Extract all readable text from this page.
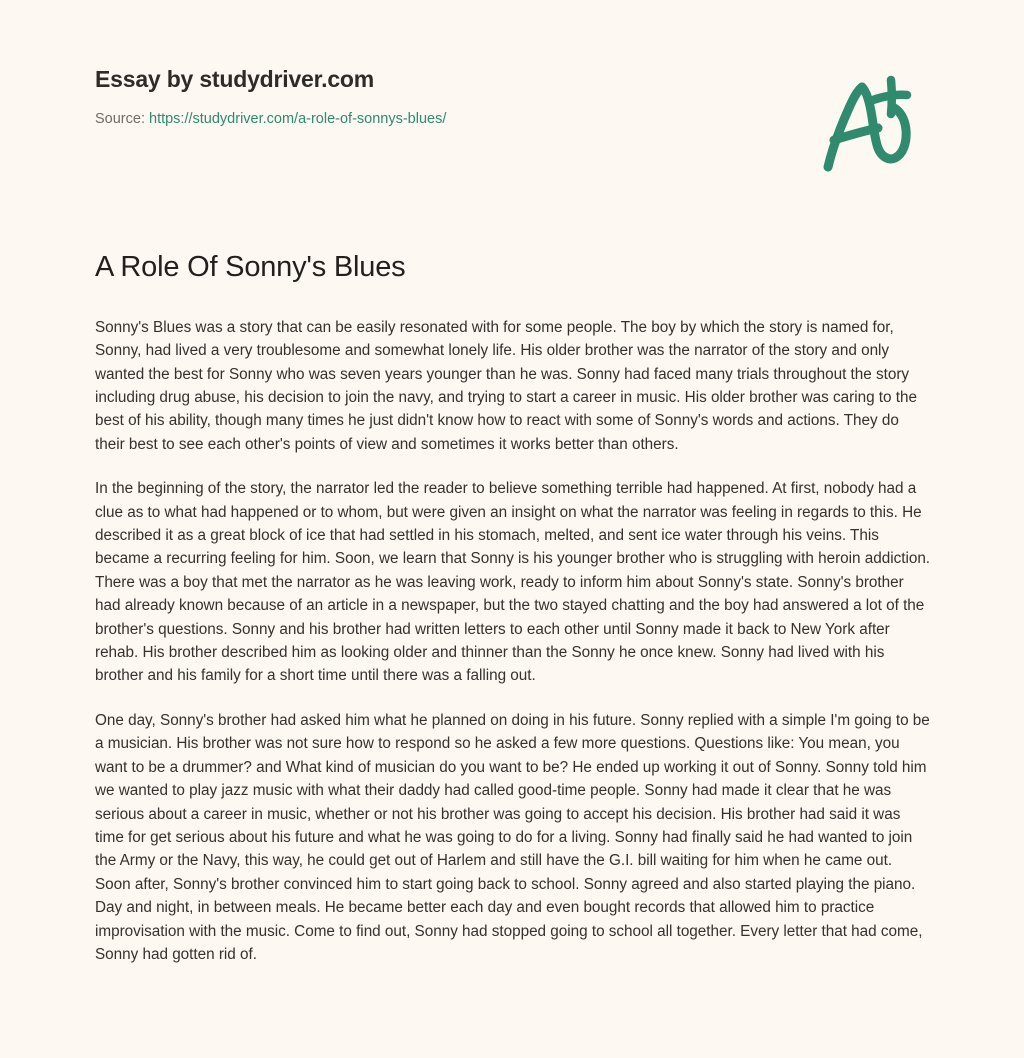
Essay by studydriver.com
Source: https://studydriver.com/a-role-of-sonnys-blues/
A Role Of Sonny's Blues

Sonny's Blues was a story that can be easily resonated with for some people. The boy by which the story is named for, Sonny, had lived a very troublesome and somewhat lonely life. His older brother was the narrator of the story and only wanted the best for Sonny who was seven years younger than he was. Sonny had faced many trials throughout the story including drug abuse, his decision to join the navy, and trying to start a career in music. His older brother was caring to the best of his ability, though many times he just didn't know how to react with some of Sonny's words and actions. They do their best to see each other's points of view and sometimes it works better than others.

In the beginning of the story, the narrator led the reader to believe something terrible had happened. At first, nobody had a clue as to what had happened or to whom, but were given an insight on what the narrator was feeling in regards to this. He described it as a great block of ice that had settled in his stomach, melted, and sent ice water through his veins. This became a recurring feeling for him. Soon, we learn that Sonny is his younger brother who is struggling with heroin addiction. There was a boy that met the narrator as he was leaving work, ready to inform him about Sonny's state. Sonny's brother had already known because of an article in a newspaper, but the two stayed chatting and the boy had answered a lot of the brother's questions. Sonny and his brother had written letters to each other until Sonny made it back to New York after rehab. His brother described him as looking older and thinner than the Sonny he once knew. Sonny had lived with his brother and his family for a short time until there was a falling out.

One day, Sonny's brother had asked him what he planned on doing in his future. Sonny replied with a simple I'm going to be a musician. His brother was not sure how to respond so he asked a few more questions. Questions like: You mean, you want to be a drummer? and What kind of musician do you want to be? He ended up working it out of Sonny. Sonny told him we wanted to play jazz music with what their daddy had called good-time people. Sonny had made it clear that he was serious about a career in music, whether or not his brother was going to accept his decision. His brother had said it was time for get serious about his future and what he was going to do for a living. Sonny had finally said he had wanted to join the Army or the Navy, this way, he could get out of Harlem and still have the G.I. bill waiting for him when he came out. Soon after, Sonny's brother convinced him to start going back to school. Sonny agreed and also started playing the piano. Day and night, in between meals. He became better each day and even bought records that allowed him to practice improvisation with the music. Come to find out, Sonny had stopped going to school all together. Every letter that had come, Sonny had gotten rid of.
